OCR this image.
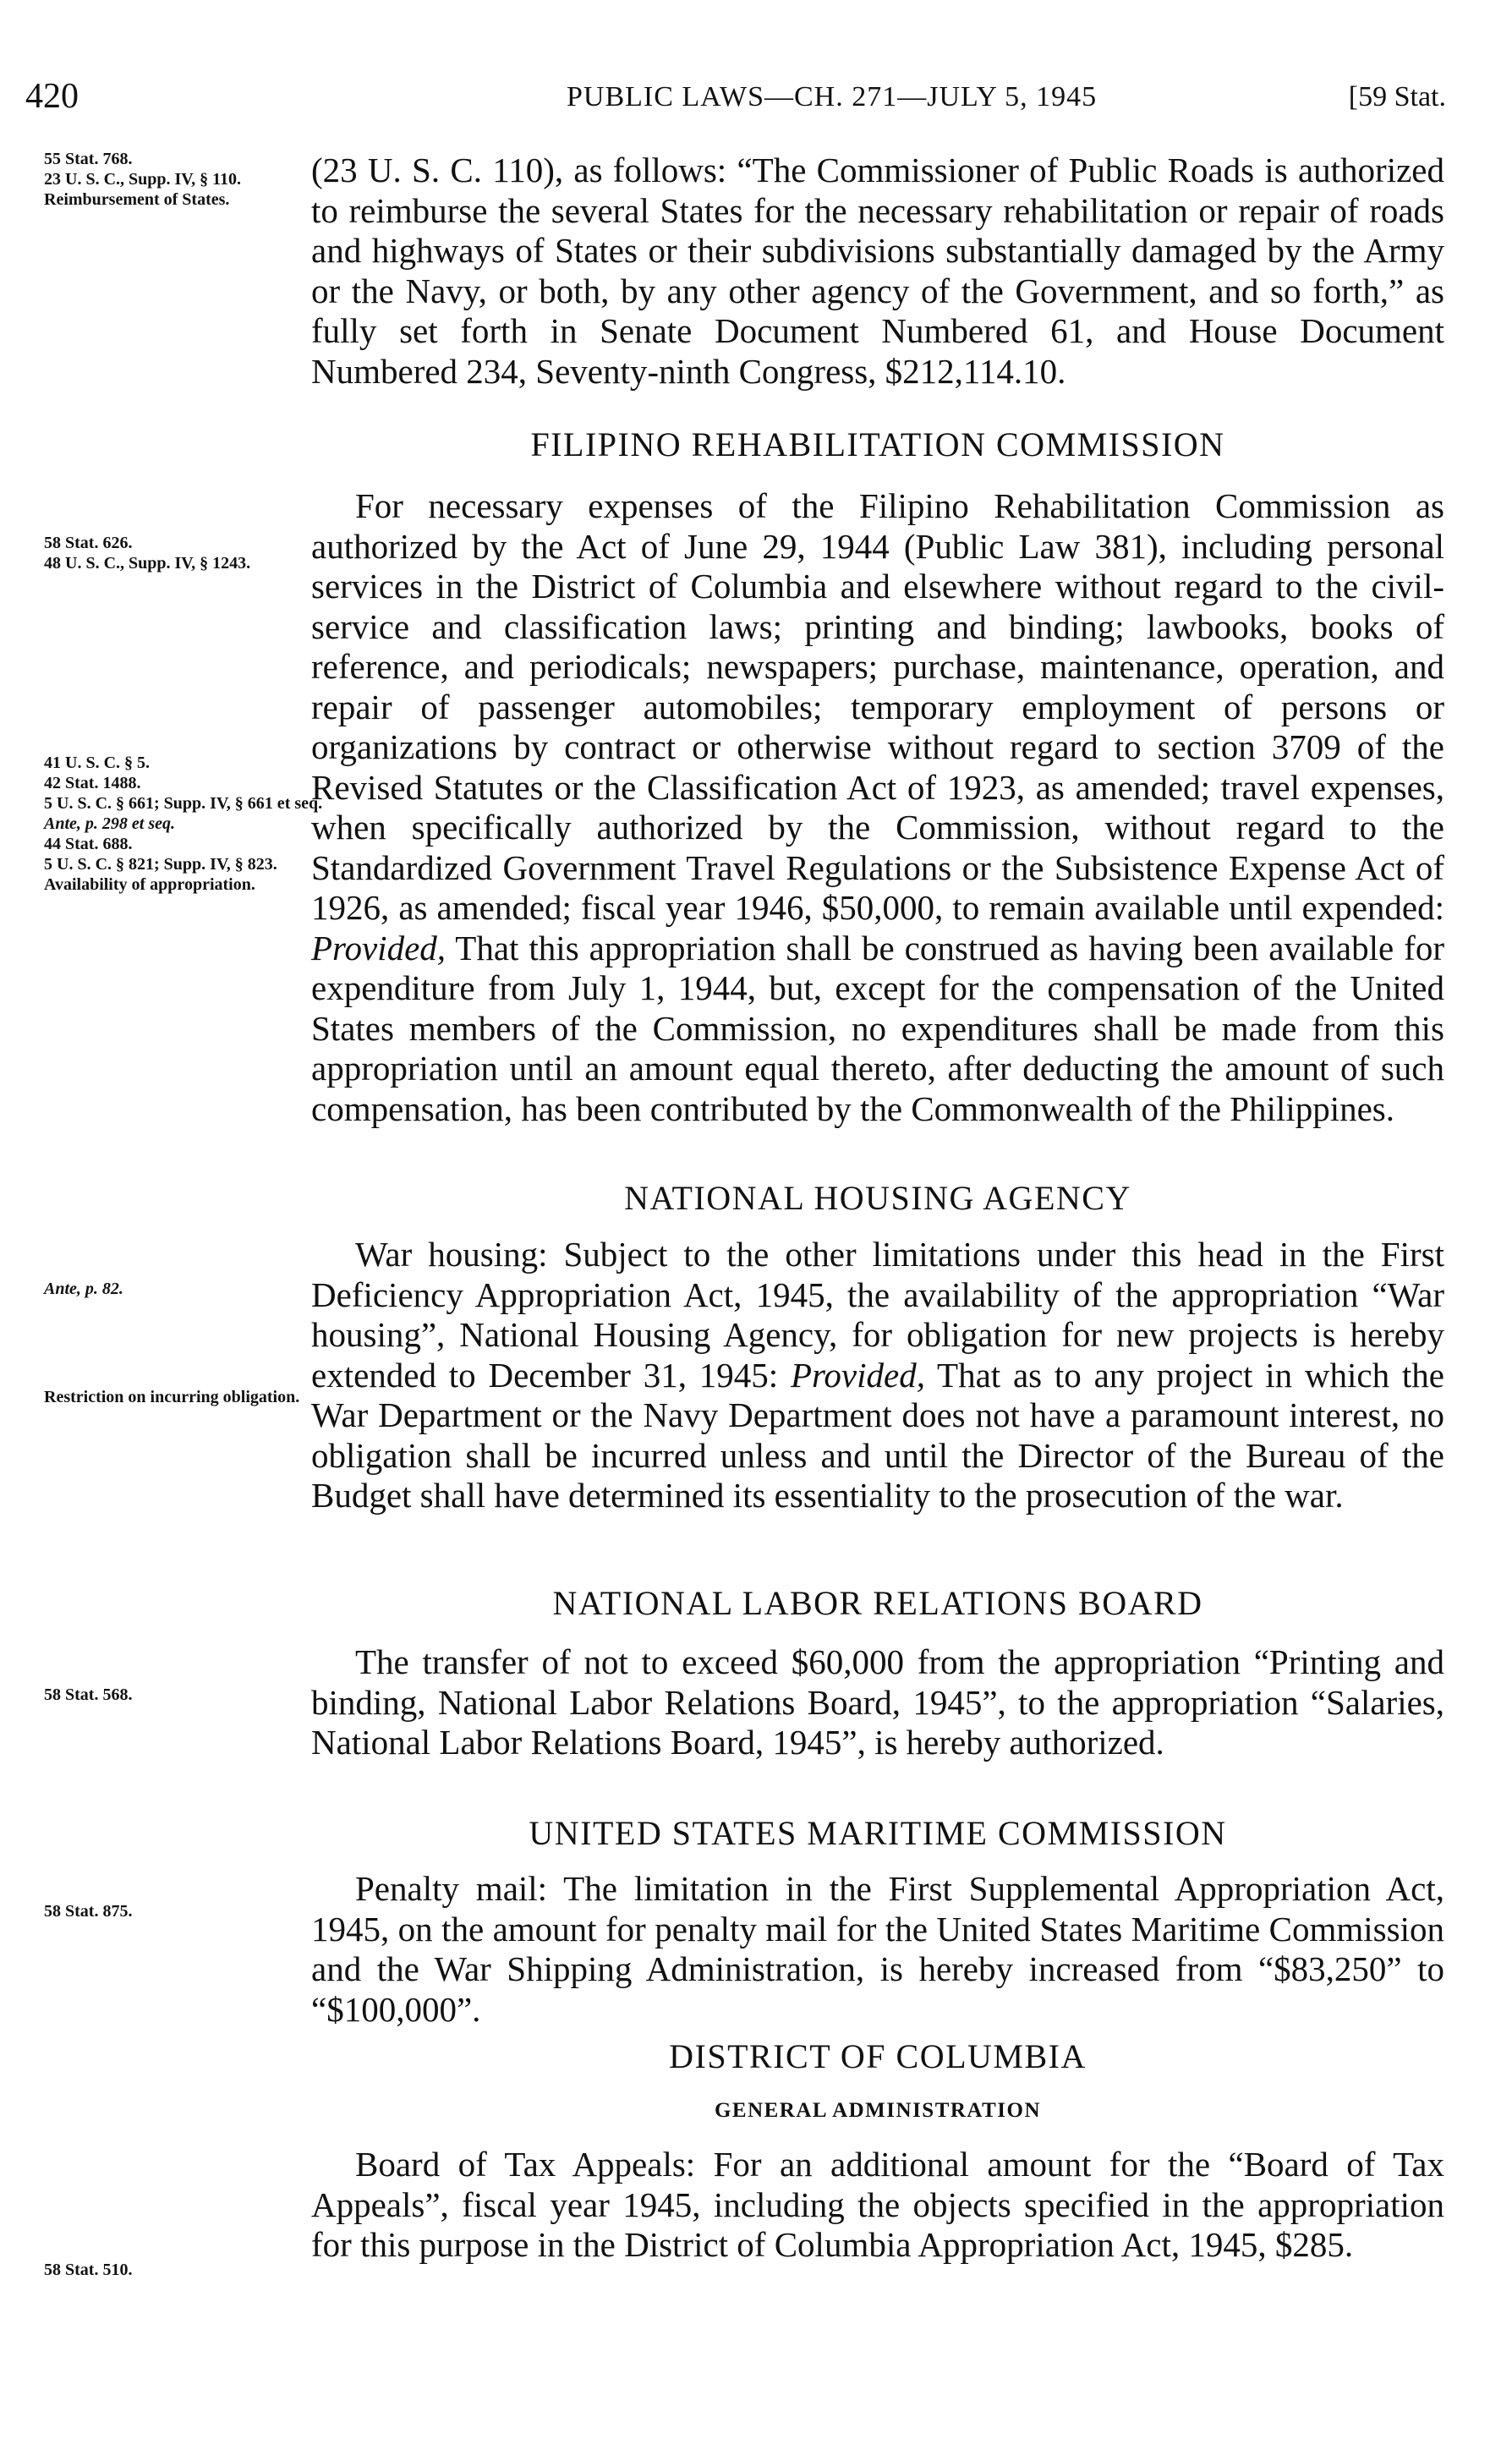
420	PUBLIC LAWS—CH. 271—JULY 5, 1945	[59 Stat.
55 Stat. 768.
23 U. S. C., Supp. IV, § 110.
Reimbursement of States.

(23 U. S. C. 110), as follows: “The Commissioner of Public Roads is authorized to reimburse the several States for the necessary rehabilitation or repair of roads and highways of States or their subdivisions substantially damaged by the Army or the Navy, or both, by any other agency of the Government, and so forth,” as fully set forth in Senate Document Numbered 61, and House Document Numbered 234, Seventy-ninth Congress, $212,114.10.

FILIPINO REHABILITATION COMMISSION
58 Stat. 626.
48 U. S. C., Supp. IV, § 1243.
41 U. S. C. § 5.
42 Stat. 1488.
5 U. S. C. § 661; Supp. IV, § 661 et seq.
Ante, p. 298 et seq.
44 Stat. 688.
5 U. S. C. § 821; Supp. IV, § 823.
Availability of appropriation.

For necessary expenses of the Filipino Rehabilitation Commission as authorized by the Act of June 29, 1944 (Public Law 381), including personal services in the District of Columbia and elsewhere without regard to the civil-service and classification laws; printing and binding; lawbooks, books of reference, and periodicals; newspapers; purchase, maintenance, operation, and repair of passenger automobiles; temporary employment of persons or organizations by contract or otherwise without regard to section 3709 of the Revised Statutes or the Classification Act of 1923, as amended; travel expenses, when specifically authorized by the Commission, without regard to the Standardized Government Travel Regulations or the Subsistence Expense Act of 1926, as amended; fiscal year 1946, $50,000, to remain available until expended: Provided, That this appropriation shall be construed as having been available for expenditure from July 1, 1944, but, except for the compensation of the United States members of the Commission, no expenditures shall be made from this appropriation until an amount equal thereto, after deducting the amount of such compensation, has been contributed by the Commonwealth of the Philippines.

NATIONAL HOUSING AGENCY
Ante, p. 82.
Restriction on incurring obligation.

War housing: Subject to the other limitations under this head in the First Deficiency Appropriation Act, 1945, the availability of the appropriation “War housing”, National Housing Agency, for obligation for new projects is hereby extended to December 31, 1945: Provided, That as to any project in which the War Department or the Navy Department does not have a paramount interest, no obligation shall be incurred unless and until the Director of the Bureau of the Budget shall have determined its essentiality to the prosecution of the war.

NATIONAL LABOR RELATIONS BOARD
58 Stat. 568.

The transfer of not to exceed $60,000 from the appropriation “Printing and binding, National Labor Relations Board, 1945”, to the appropriation “Salaries, National Labor Relations Board, 1945”, is hereby authorized.

UNITED STATES MARITIME COMMISSION
58 Stat. 875.

Penalty mail: The limitation in the First Supplemental Appropriation Act, 1945, on the amount for penalty mail for the United States Maritime Commission and the War Shipping Administration, is hereby increased from “$83,250” to “$100,000”.

DISTRICT OF COLUMBIA
GENERAL ADMINISTRATION
58 Stat. 510.

Board of Tax Appeals: For an additional amount for the “Board of Tax Appeals”, fiscal year 1945, including the objects specified in the appropriation for this purpose in the District of Columbia Appropriation Act, 1945, $285.
